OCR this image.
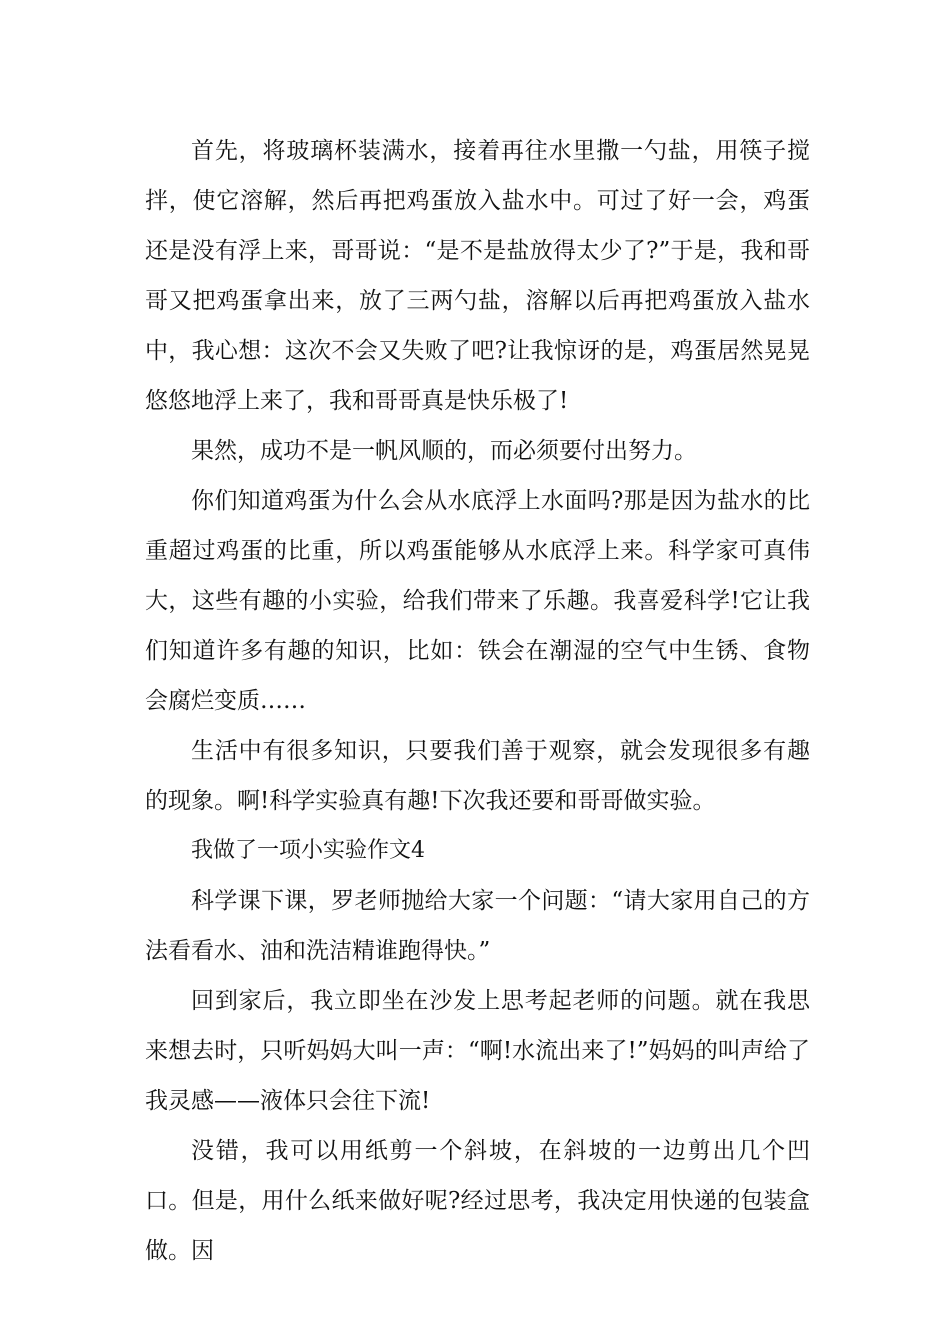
首先，将玻璃杯装满水，接着再往水里撒一勺盐，用筷子搅拌，使它溶解，然后再把鸡蛋放入盐水中。可过了好一会，鸡蛋还是没有浮上来，哥哥说：“是不是盐放得太少了?”于是，我和哥哥又把鸡蛋拿出来，放了三两勺盐，溶解以后再把鸡蛋放入盐水中，我心想：这次不会又失败了吧?让我惊讶的是，鸡蛋居然晃晃悠悠地浮上来了，我和哥哥真是快乐极了!

果然，成功不是一帆风顺的，而必须要付出努力。

你们知道鸡蛋为什么会从水底浮上水面吗?那是因为盐水的比重超过鸡蛋的比重，所以鸡蛋能够从水底浮上来。科学家可真伟大，这些有趣的小实验，给我们带来了乐趣。我喜爱科学!它让我们知道许多有趣的知识，比如：铁会在潮湿的空气中生锈、食物会腐烂变质……

生活中有很多知识，只要我们善于观察，就会发现很多有趣的现象。啊!科学实验真有趣!下次我还要和哥哥做实验。

我做了一项小实验作文4

科学课下课，罗老师抛给大家一个问题：“请大家用自己的方法看看水、油和洗洁精谁跑得快。”

回到家后，我立即坐在沙发上思考起老师的问题。就在我思来想去时，只听妈妈大叫一声：“啊!水流出来了!”妈妈的叫声给了我灵感——液体只会往下流!

没错，我可以用纸剪一个斜坡，在斜坡的一边剪出几个凹口。但是，用什么纸来做好呢?经过思考，我决定用快递的包装盒做。因
